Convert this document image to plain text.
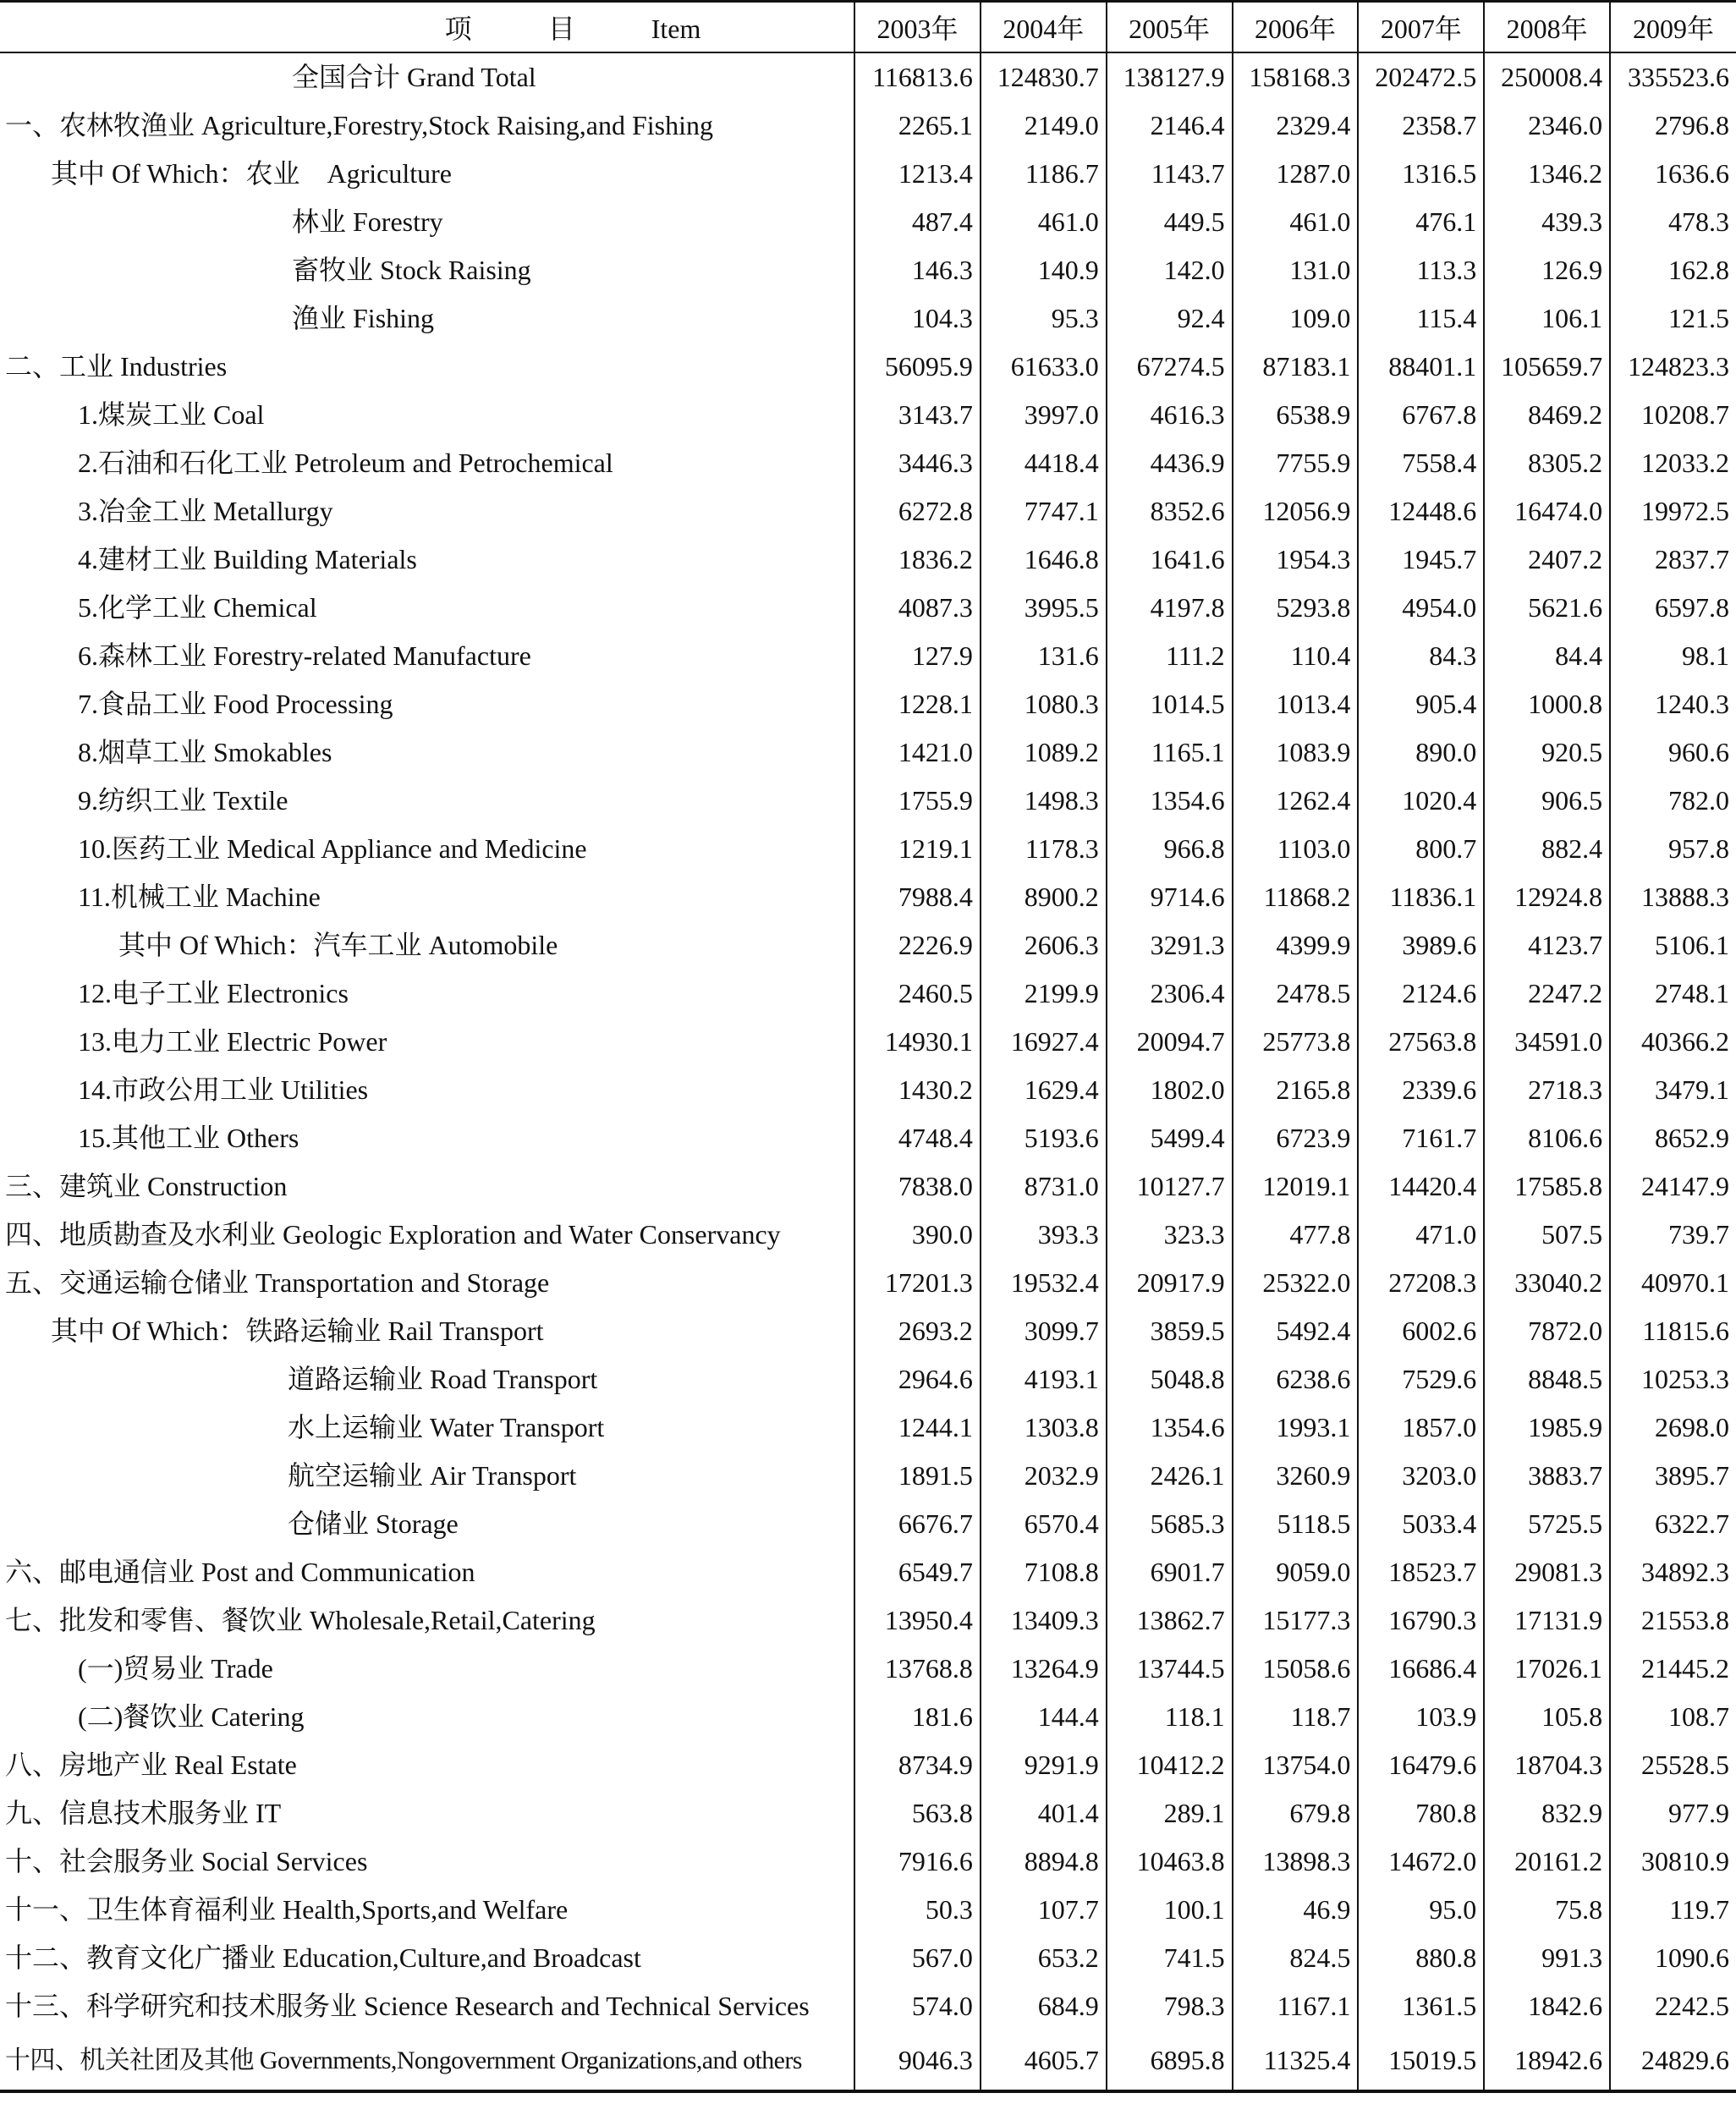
项 目 Item	2003年	2004年	2005年	2006年	2007年	2008年	2009年
全国合计 Grand Total	116813.6	124830.7	138127.9	158168.3	202472.5	250008.4	335523.6
一、农林牧渔业 Agriculture,Forestry,Stock Raising,and Fishing	2265.1	2149.0	2146.4	2329.4	2358.7	2346.0	2796.8
其中 Of Which：农业　Agriculture	1213.4	1186.7	1143.7	1287.0	1316.5	1346.2	1636.6
林业 Forestry	487.4	461.0	449.5	461.0	476.1	439.3	478.3
畜牧业 Stock Raising	146.3	140.9	142.0	131.0	113.3	126.9	162.8
渔业 Fishing	104.3	95.3	92.4	109.0	115.4	106.1	121.5
二、工业 Industries	56095.9	61633.0	67274.5	87183.1	88401.1	105659.7	124823.3
1.煤炭工业 Coal	3143.7	3997.0	4616.3	6538.9	6767.8	8469.2	10208.7
2.石油和石化工业 Petroleum and Petrochemical	3446.3	4418.4	4436.9	7755.9	7558.4	8305.2	12033.2
3.冶金工业 Metallurgy	6272.8	7747.1	8352.6	12056.9	12448.6	16474.0	19972.5
4.建材工业 Building Materials	1836.2	1646.8	1641.6	1954.3	1945.7	2407.2	2837.7
5.化学工业 Chemical	4087.3	3995.5	4197.8	5293.8	4954.0	5621.6	6597.8
6.森林工业 Forestry-related Manufacture	127.9	131.6	111.2	110.4	84.3	84.4	98.1
7.食品工业 Food Processing	1228.1	1080.3	1014.5	1013.4	905.4	1000.8	1240.3
8.烟草工业 Smokables	1421.0	1089.2	1165.1	1083.9	890.0	920.5	960.6
9.纺织工业 Textile	1755.9	1498.3	1354.6	1262.4	1020.4	906.5	782.0
10.医药工业 Medical Appliance and Medicine	1219.1	1178.3	966.8	1103.0	800.7	882.4	957.8
11.机械工业 Machine	7988.4	8900.2	9714.6	11868.2	11836.1	12924.8	13888.3
其中 Of Which：汽车工业 Automobile	2226.9	2606.3	3291.3	4399.9	3989.6	4123.7	5106.1
12.电子工业 Electronics	2460.5	2199.9	2306.4	2478.5	2124.6	2247.2	2748.1
13.电力工业 Electric Power	14930.1	16927.4	20094.7	25773.8	27563.8	34591.0	40366.2
14.市政公用工业 Utilities	1430.2	1629.4	1802.0	2165.8	2339.6	2718.3	3479.1
15.其他工业 Others	4748.4	5193.6	5499.4	6723.9	7161.7	8106.6	8652.9
三、建筑业 Construction	7838.0	8731.0	10127.7	12019.1	14420.4	17585.8	24147.9
四、地质勘查及水利业 Geologic Exploration and Water Conservancy	390.0	393.3	323.3	477.8	471.0	507.5	739.7
五、交通运输仓储业 Transportation and Storage	17201.3	19532.4	20917.9	25322.0	27208.3	33040.2	40970.1
其中 Of Which：铁路运输业 Rail Transport	2693.2	3099.7	3859.5	5492.4	6002.6	7872.0	11815.6
道路运输业 Road Transport	2964.6	4193.1	5048.8	6238.6	7529.6	8848.5	10253.3
水上运输业 Water Transport	1244.1	1303.8	1354.6	1993.1	1857.0	1985.9	2698.0
航空运输业 Air Transport	1891.5	2032.9	2426.1	3260.9	3203.0	3883.7	3895.7
仓储业 Storage	6676.7	6570.4	5685.3	5118.5	5033.4	5725.5	6322.7
六、邮电通信业 Post and Communication	6549.7	7108.8	6901.7	9059.0	18523.7	29081.3	34892.3
七、批发和零售、餐饮业 Wholesale,Retail,Catering	13950.4	13409.3	13862.7	15177.3	16790.3	17131.9	21553.8
(一)贸易业 Trade	13768.8	13264.9	13744.5	15058.6	16686.4	17026.1	21445.2
(二)餐饮业 Catering	181.6	144.4	118.1	118.7	103.9	105.8	108.7
八、房地产业 Real Estate	8734.9	9291.9	10412.2	13754.0	16479.6	18704.3	25528.5
九、信息技术服务业 IT	563.8	401.4	289.1	679.8	780.8	832.9	977.9
十、社会服务业 Social Services	7916.6	8894.8	10463.8	13898.3	14672.0	20161.2	30810.9
十一、卫生体育福利业 Health,Sports,and Welfare	50.3	107.7	100.1	46.9	95.0	75.8	119.7
十二、教育文化广播业 Education,Culture,and Broadcast	567.0	653.2	741.5	824.5	880.8	991.3	1090.6
十三、科学研究和技术服务业 Science Research and Technical Services	574.0	684.9	798.3	1167.1	1361.5	1842.6	2242.5
十四、机关社团及其他 Governments,Nongovernment Organizations,and others	9046.3	4605.7	6895.8	11325.4	15019.5	18942.6	24829.6
